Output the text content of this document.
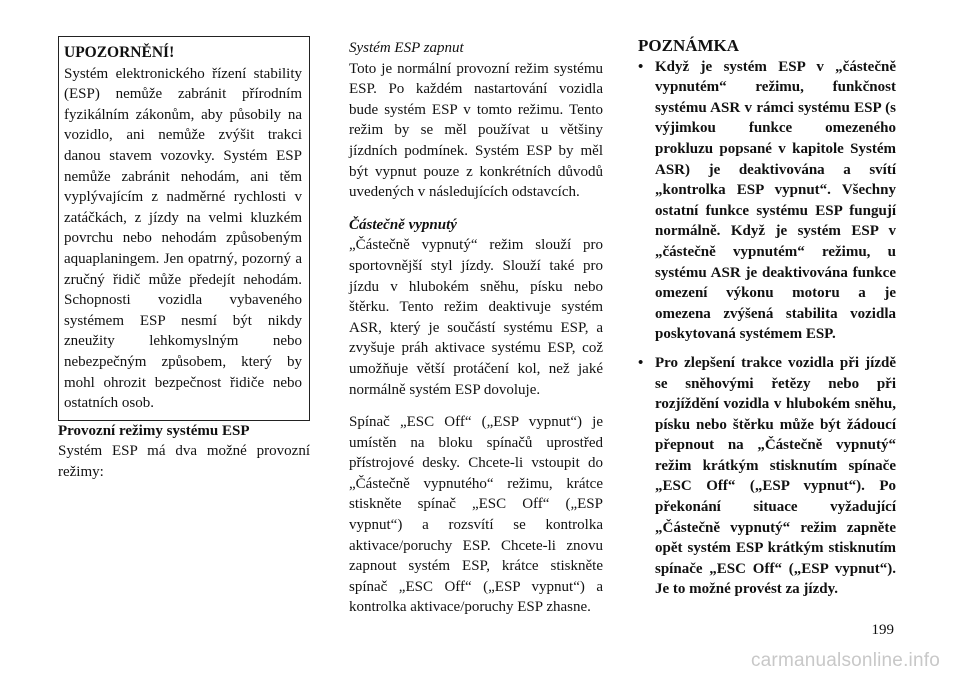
UPOZORNĚNÍ!

Systém elektronického řízení stability (ESP) nemůže zabránit přírodním fyzikálním zákonům, aby působily na vozidlo, ani nemůže zvýšit trakci danou stavem vozovky. Systém ESP nemůže zabránit nehodám, ani těm vyplývajícím z nadměrné rychlosti v zatáčkách, z jízdy na velmi kluzkém povrchu nebo nehodám způsobeným aquaplaningem. Jen opatrný, pozorný a zručný řidič může předejít nehodám. Schopnosti vozidla vybaveného systémem ESP nesmí být nikdy zneužity lehkomyslným nebo nebezpečným způsobem, který by mohl ohrozit bezpečnost řidiče nebo ostatních osob.

Provozní režimy systému ESP

Systém ESP má dva možné provozní režimy:

Systém ESP zapnut

Toto je normální provozní režim systému ESP. Po každém nastartování vozidla bude systém ESP v tomto režimu. Tento režim by se měl používat u většiny jízdních podmínek. Systém ESP by měl být vypnut pouze z konkrétních důvodů uvedených v následujících odstavcích.

Částečně vypnutý

„Částečně vypnutý“ režim slouží pro sportovnější styl jízdy. Slouží také pro jízdu v hlubokém sněhu, písku nebo štěrku. Tento režim deaktivuje systém ASR, který je součástí systému ESP, a zvyšuje práh aktivace systému ESP, což umožňuje větší protáčení kol, než jaké normálně systém ESP dovoluje.

Spínač „ESC Off“ („ESP vypnut“) je umístěn na bloku spínačů uprostřed přístrojové desky. Chcete-li vstoupit do „Částečně vypnutého“ režimu, krátce stiskněte spínač „ESC Off“ („ESP vypnut“) a rozsvítí se kontrolka aktivace/poruchy ESP. Chcete-li znovu zapnout systém ESP, krátce stiskněte spínač „ESC Off“ („ESP vypnut“) a kontrolka aktivace/poruchy ESP zhasne.

POZNÁMKA

• Když je systém ESP v „částečně vypnutém“ režimu, funkčnost systému ASR v rámci systému ESP (s výjimkou funkce omezeného prokluzu popsané v kapitole Systém ASR) je deaktivována a svítí „kontrolka ESP vypnut“. Všechny ostatní funkce systému ESP fungují normálně. Když je systém ESP v „částečně vypnutém“ režimu, u systému ASR je deaktivována funkce omezení výkonu motoru a je omezena zvýšená stabilita vozidla poskytovaná systémem ESP.
• Pro zlepšení trakce vozidla při jízdě se sněhovými řetězy nebo při rozjíždění vozidla v hlubokém sněhu, písku nebo štěrku může být žádoucí přepnout na „Částečně vypnutý“ režim krátkým stisknutím spínače „ESC Off“ („ESP vypnut“). Po překonání situace vyžadující „Částečně vypnutý“ režim zapněte opět systém ESP krátkým stisknutím spínače „ESC Off“ („ESP vypnut“). Je to možné provést za jízdy.
199
carmanualsonline.info
